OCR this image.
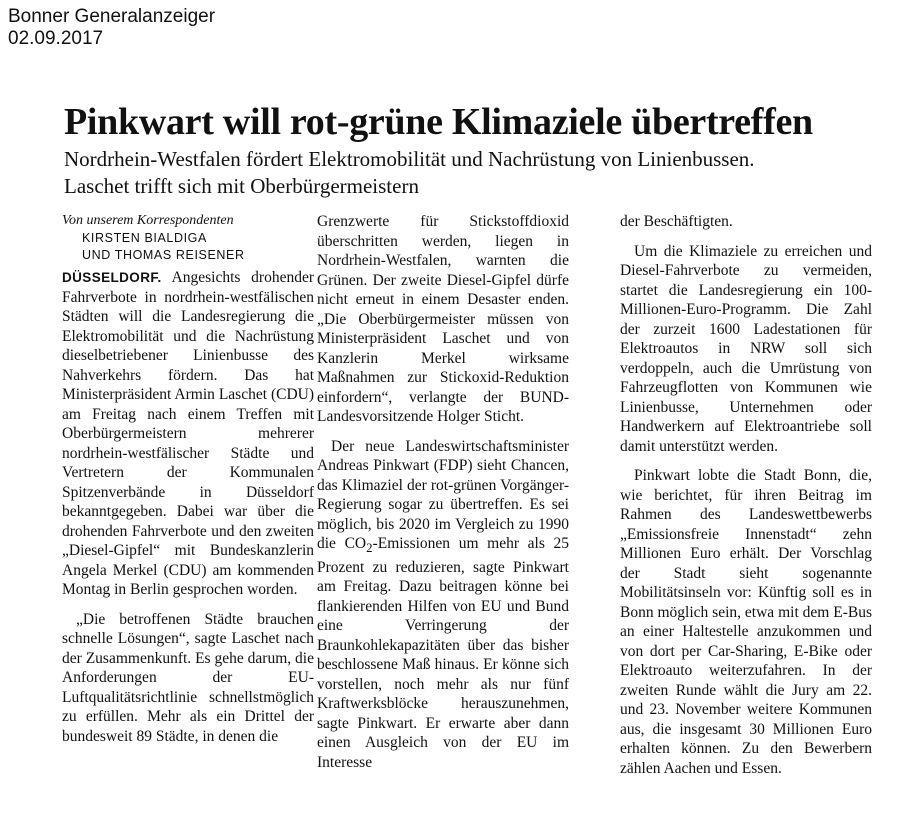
Bonner Generalanzeiger
02.09.2017
Pinkwart will rot-grüne Klimaziele übertreffen
Nordrhein-Westfalen fördert Elektromobilität und Nachrüstung von Linienbussen.
Laschet trifft sich mit Oberbürgermeistern
Von unserem Korrespondenten
KIRSTEN BIALDIGA
UND THOMAS REISENER

DÜSSELDORF. Angesichts drohender Fahrverbote in nordrhein-westfälischen Städten will die Landesregierung die Elektromobilität und die Nachrüstung dieselbetriebener Linienbusse des Nahverkehrs fördern. Das hat Ministerpräsident Armin Laschet (CDU) am Freitag nach einem Treffen mit Oberbürgermeistern mehrerer nordrhein-westfälischer Städte und Vertretern der Kommunalen Spitzenverbände in Düsseldorf bekanntgegeben. Dabei war über die drohenden Fahrverbote und den zweiten „Diesel-Gipfel“ mit Bundeskanzlerin Angela Merkel (CDU) am kommenden Montag in Berlin gesprochen worden.

„Die betroffenen Städte brauchen schnelle Lösungen“, sagte Laschet nach der Zusammenkunft. Es gehe darum, die Anforderungen der EU-Luftqualitätsrichtlinie schnellstmöglich zu erfüllen. Mehr als ein Drittel der bundesweit 89 Städte, in denen die

Grenzwerte für Stickstoffdioxid überschritten werden, liegen in Nordrhein-Westfalen, warnten die Grünen. Der zweite Diesel-Gipfel dürfe nicht erneut in einem Desaster enden. „Die Oberbürgermeister müssen von Ministerpräsident Laschet und von Kanzlerin Merkel wirksame Maßnahmen zur Stickoxid-Reduktion einfordern“, verlangte der BUND-Landesvorsitzende Holger Sticht.

Der neue Landeswirtschaftsminister Andreas Pinkwart (FDP) sieht Chancen, das Klimaziel der rot-grünen Vorgänger-Regierung sogar zu übertreffen. Es sei möglich, bis 2020 im Vergleich zu 1990 die $CO_2$-Emissionen um mehr als 25 Prozent zu reduzieren, sagte Pinkwart am Freitag. Dazu beitragen könne bei flankierenden Hilfen von EU und Bund eine Verringerung der Braunkohlekapazitäten über das bisher beschlossene Maß hinaus. Er könne sich vorstellen, noch mehr als nur fünf Kraftwerksblöcke herauszunehmen, sagte Pinkwart. Er erwarte aber dann einen Ausgleich von der EU im Interesse

der Beschäftigten.

Um die Klimaziele zu erreichen und Diesel-Fahrverbote zu vermeiden, startet die Landesregierung ein 100-Millionen-Euro-Programm. Die Zahl der zurzeit 1600 Ladestationen für Elektroautos in NRW soll sich verdoppeln, auch die Umrüstung von Fahrzeugflotten von Kommunen wie Linienbusse, Unternehmen oder Handwerkern auf Elektroantriebe soll damit unterstützt werden.

Pinkwart lobte die Stadt Bonn, die, wie berichtet, für ihren Beitrag im Rahmen des Landeswettbewerbs „Emissionsfreie Innenstadt“ zehn Millionen Euro erhält. Der Vorschlag der Stadt sieht sogenannte Mobilitätsinseln vor: Künftig soll es in Bonn möglich sein, etwa mit dem E-Bus an einer Haltestelle anzukommen und von dort per Car-Sharing, E-Bike oder Elektroauto weiterzufahren. In der zweiten Runde wählt die Jury am 22. und 23. November weitere Kommunen aus, die insgesamt 30 Millionen Euro erhalten können. Zu den Bewerbern zählen Aachen und Essen.
